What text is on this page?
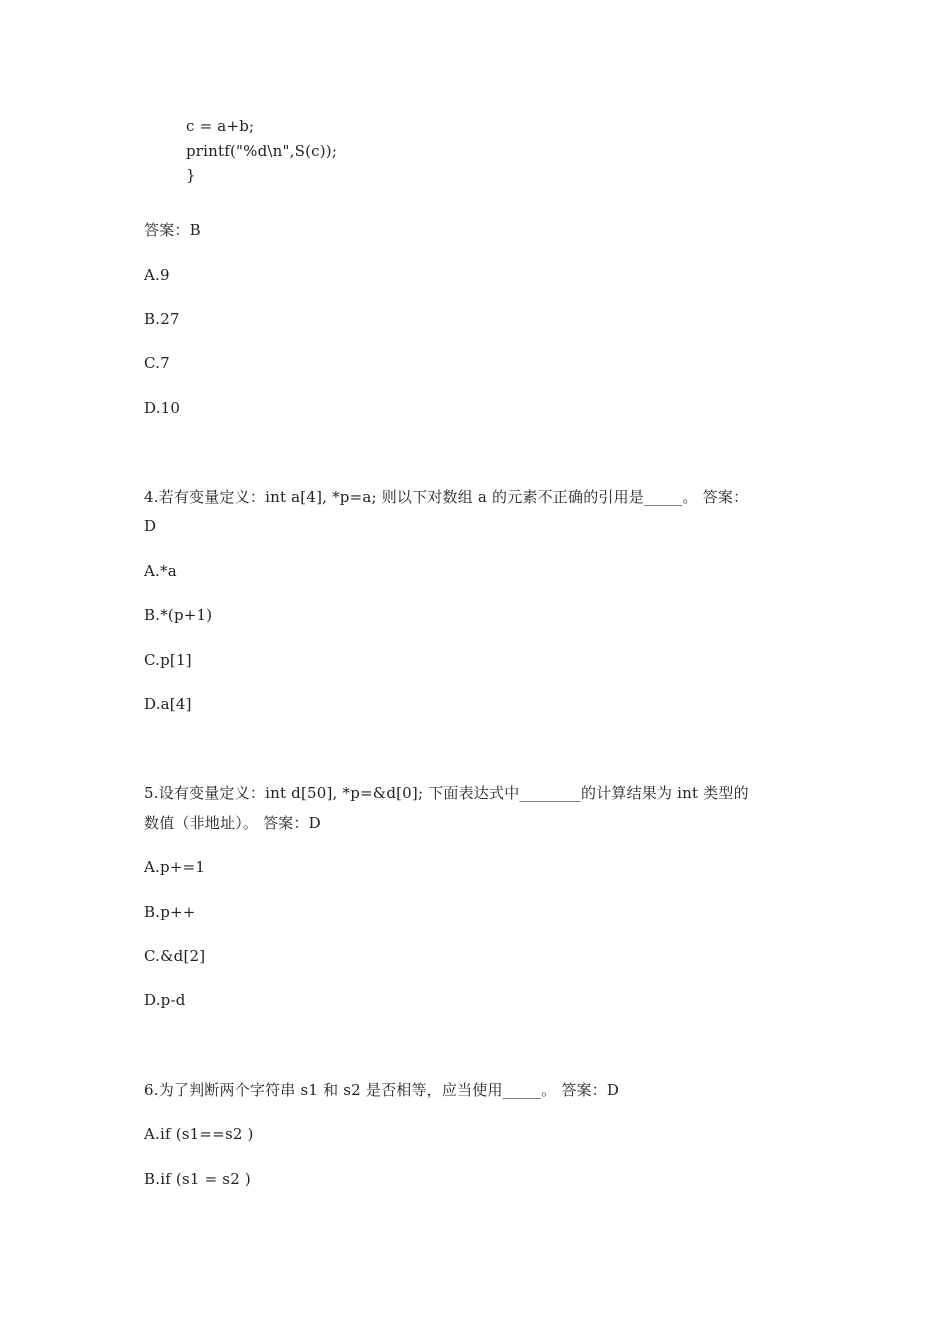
c = a+b;
printf("%d\n",S(c));
}
答案：B
A.9
B.27
C.7
D.10
4.若有变量定义：int a[4], *p=a; 则以下对数组 a 的元素不正确的引用是_____。 答案：
D
A.*a
B.*(p+1)
C.p[1]
D.a[4]
5.设有变量定义：int d[50], *p=&d[0]; 下面表达式中________的计算结果为 int 类型的
数值（非地址）。 答案：D
A.p+=1
B.p++
C.&d[2]
D.p-d
6.为了判断两个字符串 s1 和 s2 是否相等，应当使用_____。 答案：D
A.if (s1==s2 )
B.if (s1 = s2 )
